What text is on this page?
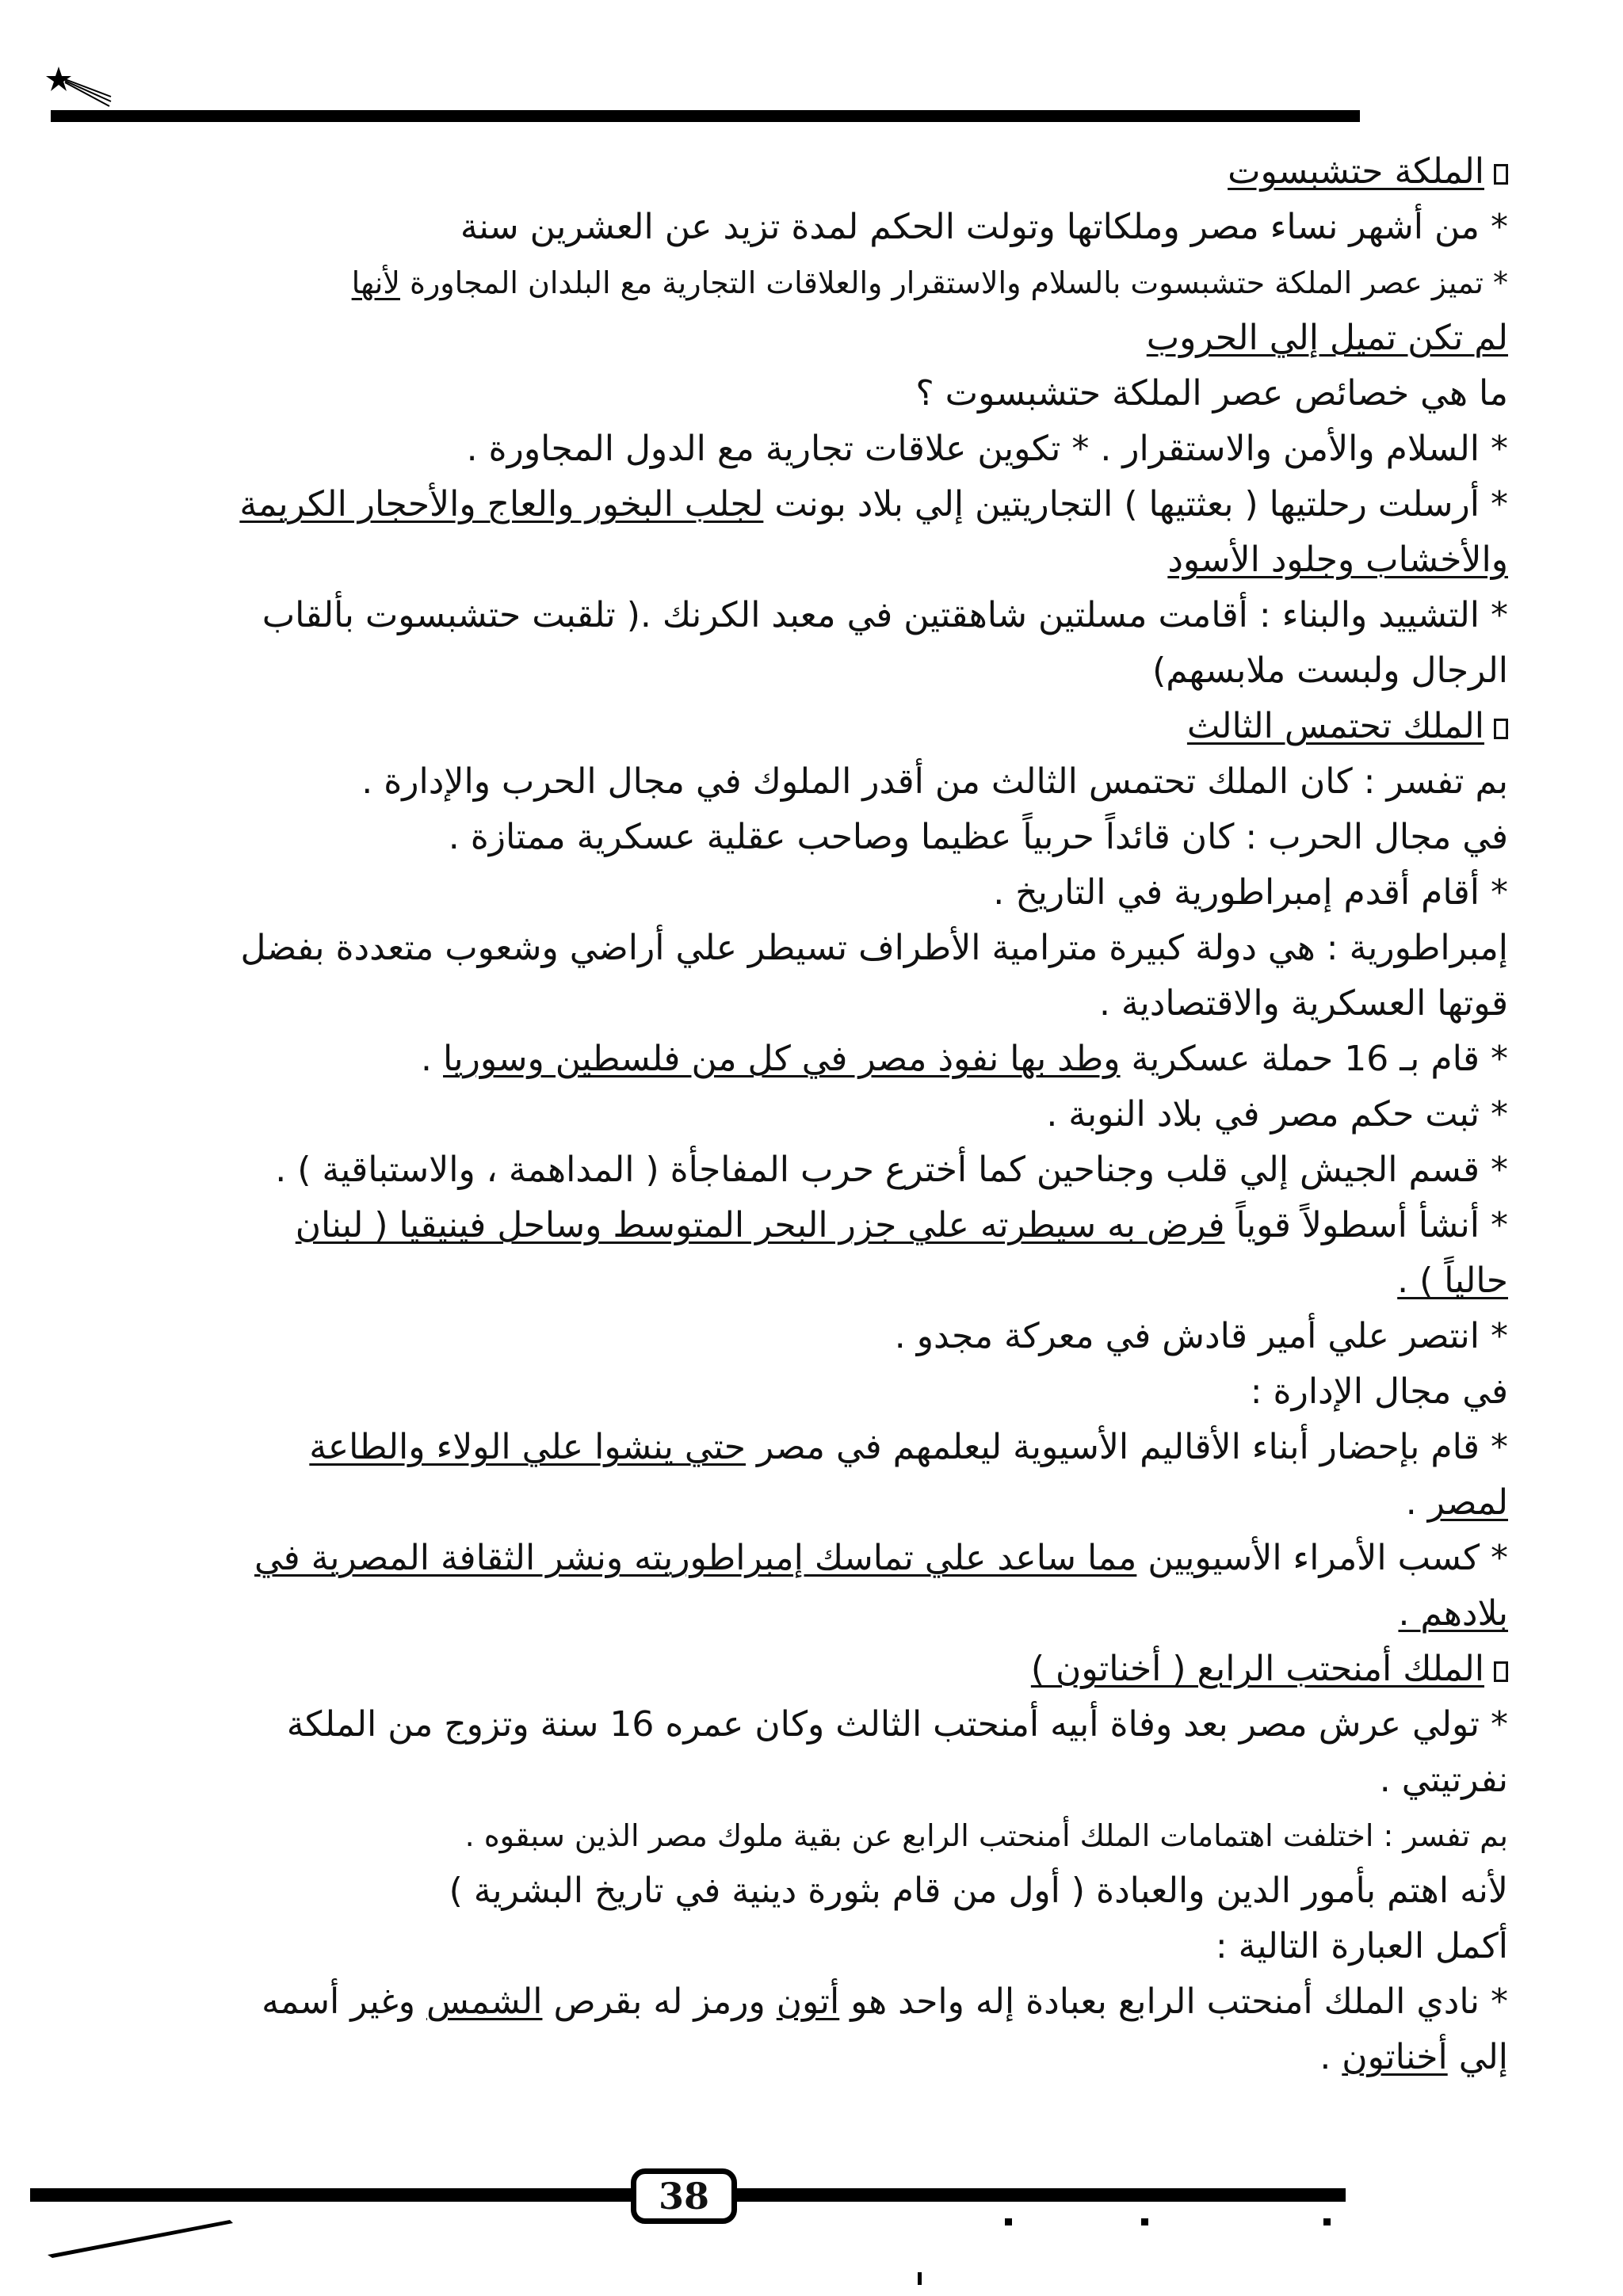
الملكة حتشبسوت
* من أشهر نساء مصر وملكاتها وتولت الحكم لمدة تزيد عن العشرين سنة
* تميز عصر الملكة حتشبسوت بالسلام والاستقرار والعلاقات التجارية مع البلدان المجاورة لأنها
لم تكن تميل إلي الحروب
ما هي خصائص عصر الملكة حتشبسوت ؟
* السلام والأمن والاستقرار . * تكوين علاقات تجارية مع الدول المجاورة .
* أرسلت رحلتيها ( بعثتيها ) التجاريتين إلي بلاد بونت لجلب البخور والعاج والأحجار الكريمة
والأخشاب وجلود الأسود
* التشييد والبناء : أقامت مسلتين شاهقتين في معبد الكرنك .( تلقبت حتشبسوت بألقاب
الرجال ولبست ملابسهم)
الملك تحتمس الثالث
بم تفسر : كان الملك تحتمس الثالث من أقدر الملوك في مجال الحرب والإدارة .
في مجال الحرب : كان قائداً حربياً عظيما وصاحب عقلية عسكرية ممتازة .
* أقام أقدم إمبراطورية في التاريخ .
إمبراطورية : هي دولة كبيرة مترامية الأطراف تسيطر علي أراضي وشعوب متعددة بفضل
قوتها العسكرية والاقتصادية .
* قام بـ 16 حملة عسكرية وطد بها نفوذ مصر في كل من فلسطين وسوريا .
* ثبت حكم مصر في بلاد النوبة .
* قسم الجيش إلي قلب وجناحين كما أخترع حرب المفاجأة ( المداهمة ، والاستباقية ) .
* أنشأ أسطولاً قوياً فرض به سيطرته علي جزر البحر المتوسط وساحل فينيقيا ( لبنان
حالياً ) .
* انتصر علي أمير قادش في معركة مجدو .
في مجال الإدارة :
* قام بإحضار أبناء الأقاليم الأسيوية ليعلمهم في مصر حتي ينشوا علي الولاء والطاعة
لمصر .
* كسب الأمراء الأسيويين مما ساعد علي تماسك إمبراطوريته ونشر الثقافة المصرية في
بلادهم .
الملك أمنحتب الرابع ( أخناتون )
* تولي عرش مصر بعد وفاة أبيه أمنحتب الثالث وكان عمره 16 سنة وتزوج من الملكة
نفرتيتي .
بم تفسر : اختلفت اهتمامات الملك أمنحتب الرابع عن بقية ملوك مصر الذين سبقوه .
لأنه اهتم بأمور الدين والعبادة ( أول من قام بثورة دينية في تاريخ البشرية )
أكمل العبارة التالية :
* نادي الملك أمنحتب الرابع بعبادة إله واحد هو أتون ورمز له بقرص الشمس وغير أسمه
إلي أخناتون .
38
